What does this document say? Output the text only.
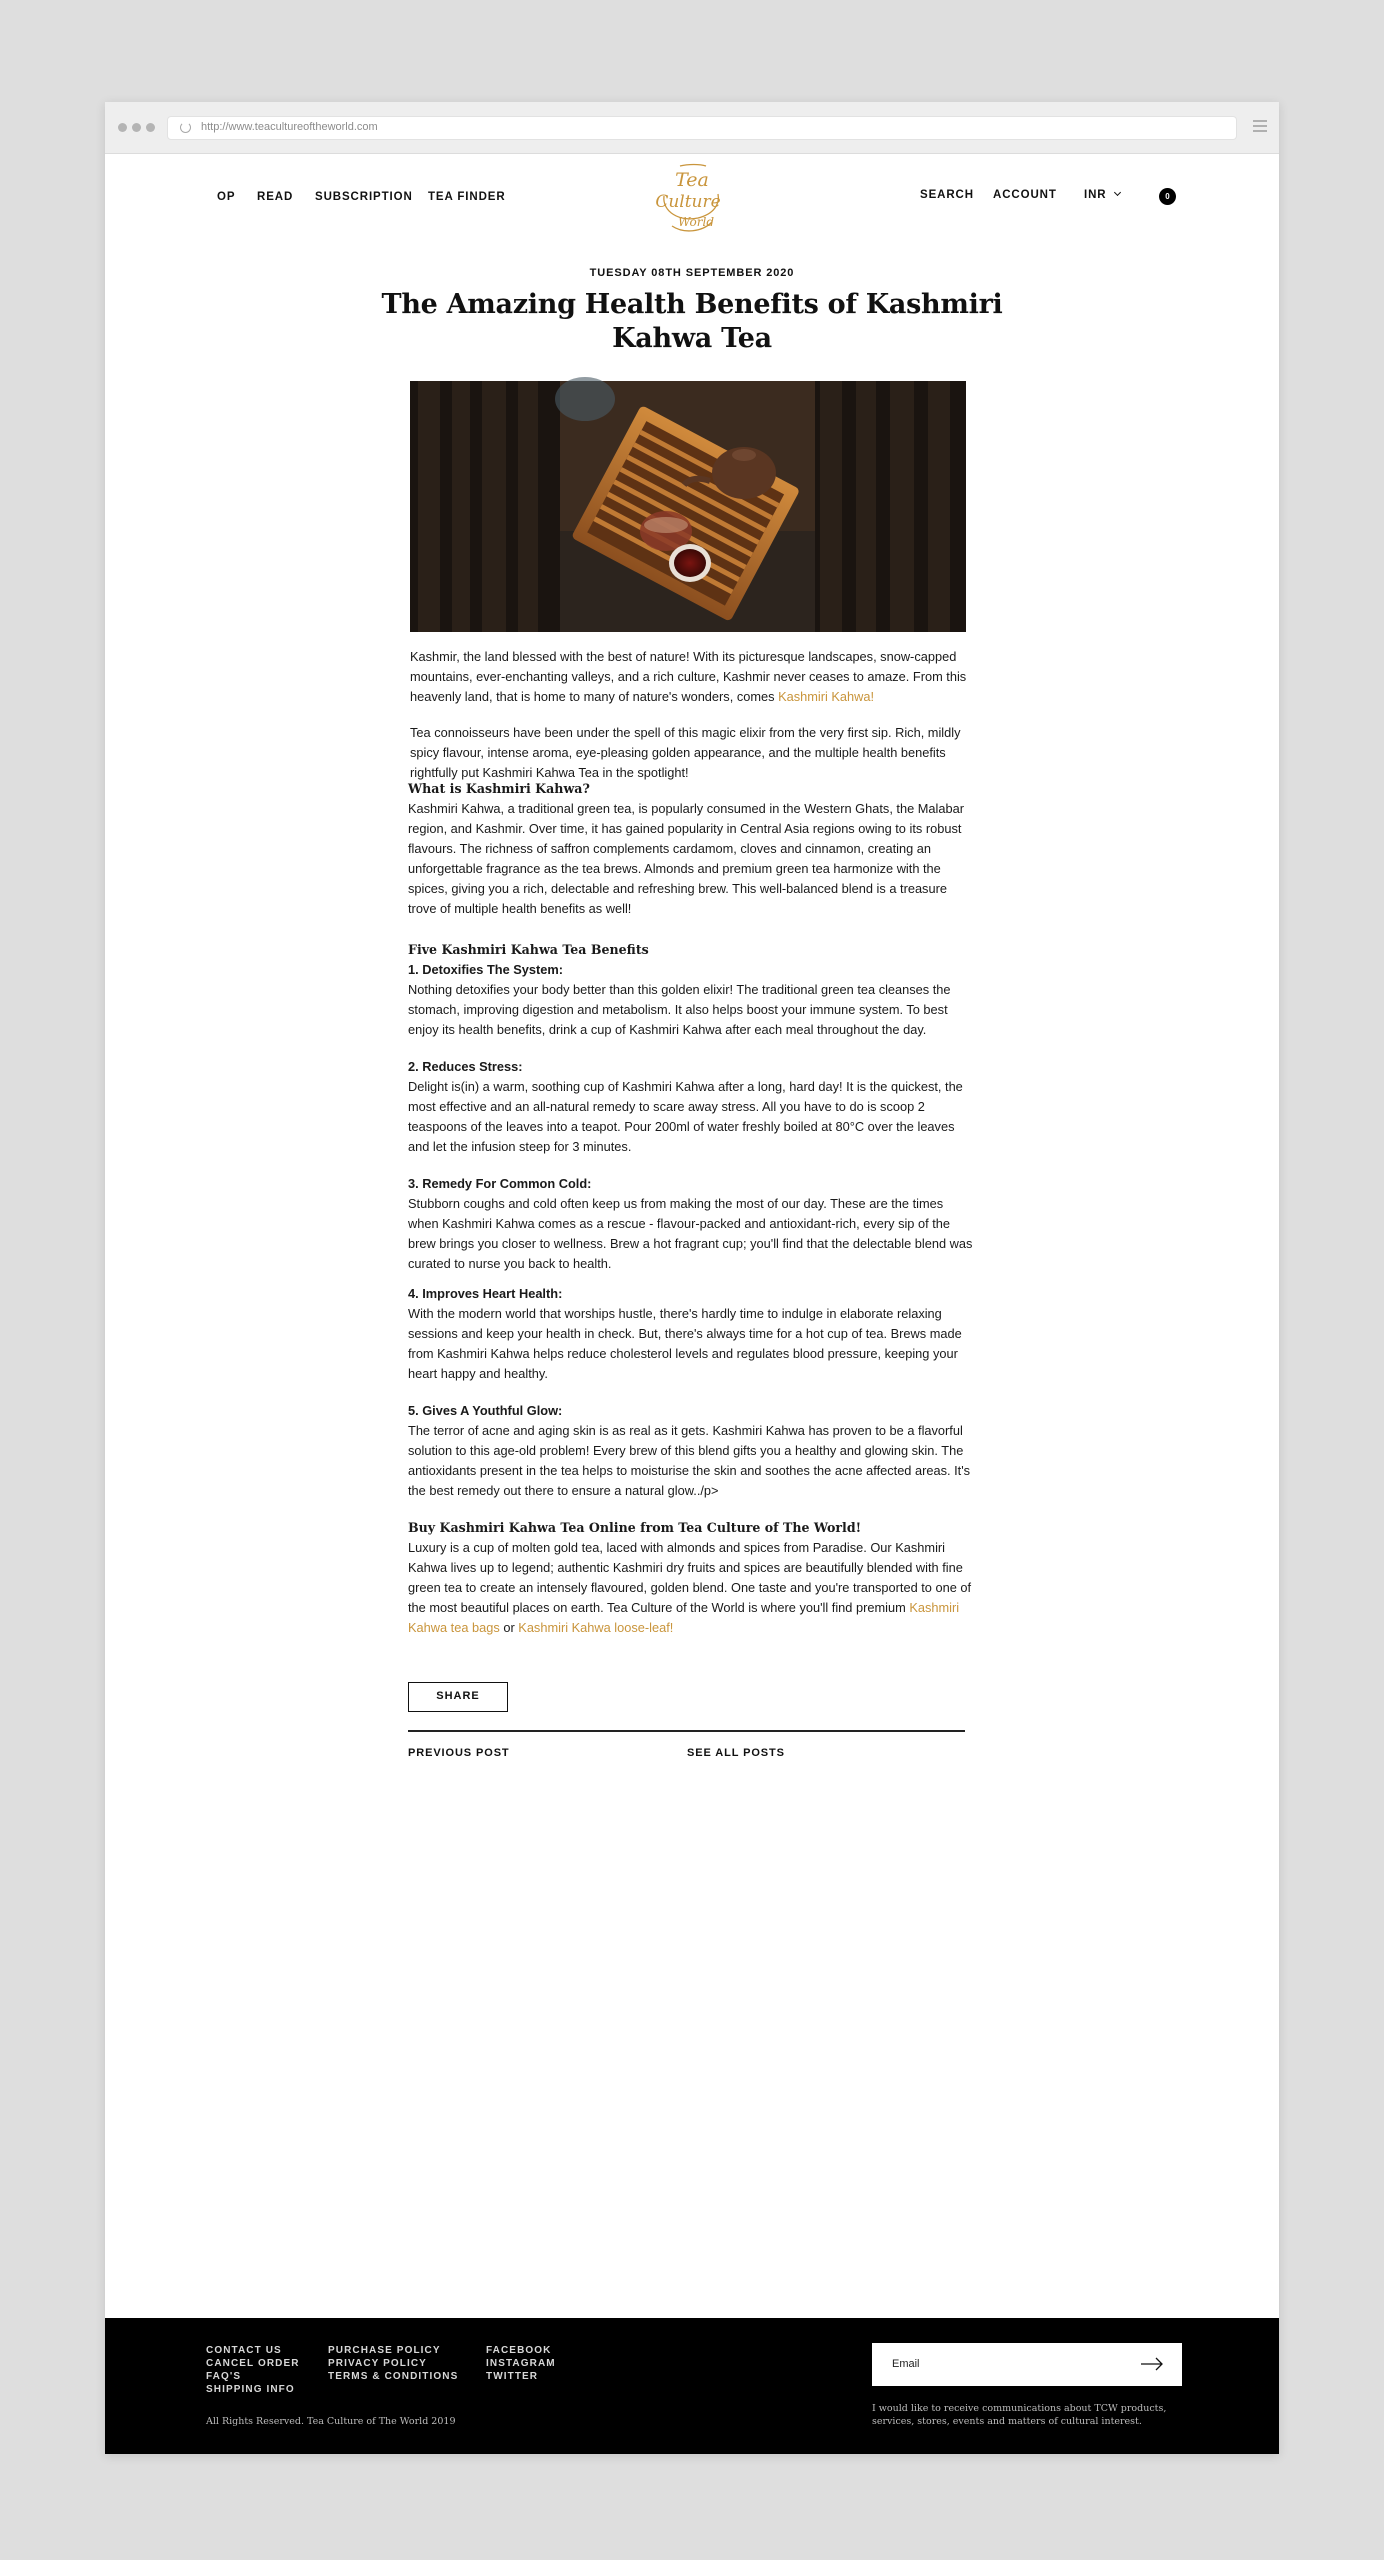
http://www.teacultureoftheworld.com
OP READ SUBSCRIPTION TEA FINDER
Tea
Culture
World
SEARCH ACCOUNT INR	0
TUESDAY 08TH SEPTEMBER 2020
The Amazing Health Benefits of Kashmiri Kahwa Tea

Kashmir, the land blessed with the best of nature! With its picturesque landscapes, snow-capped mountains, ever-enchanting valleys, and a rich culture, Kashmir never ceases to amaze. From this heavenly land, that is home to many of nature's wonders, comes Kashmiri Kahwa!

Tea connoisseurs have been under the spell of this magic elixir from the very first sip. Rich, mildly spicy flavour, intense aroma, eye-pleasing golden appearance, and the multiple health benefits rightfully put Kashmiri Kahwa Tea in the spotlight!

What is Kashmiri Kahwa?

Kashmiri Kahwa, a traditional green tea, is popularly consumed in the Western Ghats, the Malabar region, and Kashmir. Over time, it has gained popularity in Central Asia regions owing to its robust flavours. The richness of saffron complements cardamom, cloves and cinnamon, creating an unforgettable fragrance as the tea brews. Almonds and premium green tea harmonize with the spices, giving you a rich, delectable and refreshing brew. This well-balanced blend is a treasure trove of multiple health benefits as well!

Five Kashmiri Kahwa Tea Benefits

1. Detoxifies The System:

Nothing detoxifies your body better than this golden elixir! The traditional green tea cleanses the stomach, improving digestion and metabolism. It also helps boost your immune system. To best enjoy its health benefits, drink a cup of Kashmiri Kahwa after each meal throughout the day.

2. Reduces Stress:

Delight is(in) a warm, soothing cup of Kashmiri Kahwa after a long, hard day! It is the quickest, the most effective and an all-natural remedy to scare away stress. All you have to do is scoop 2 teaspoons of the leaves into a teapot. Pour 200ml of water freshly boiled at 80°C over the leaves and let the infusion steep for 3 minutes.

3. Remedy For Common Cold:

Stubborn coughs and cold often keep us from making the most of our day. These are the times when Kashmiri Kahwa comes as a rescue - flavour-packed and antioxidant-rich, every sip of the brew brings you closer to wellness. Brew a hot fragrant cup; you'll find that the delectable blend was curated to nurse you back to health.

4. Improves Heart Health:

With the modern world that worships hustle, there's hardly time to indulge in elaborate relaxing sessions and keep your health in check. But, there's always time for a hot cup of tea. Brews made from Kashmiri Kahwa helps reduce cholesterol levels and regulates blood pressure, keeping your heart happy and healthy.

5. Gives A Youthful Glow:

The terror of acne and aging skin is as real as it gets. Kashmiri Kahwa has proven to be a flavorful solution to this age-old problem! Every brew of this blend gifts you a healthy and glowing skin. The antioxidants present in the tea helps to moisturise the skin and soothes the acne affected areas. It's the best remedy out there to ensure a natural glow../p>

Buy Kashmiri Kahwa Tea Online from Tea Culture of The World!

Luxury is a cup of molten gold tea, laced with almonds and spices from Paradise. Our Kashmiri Kahwa lives up to legend; authentic Kashmiri dry fruits and spices are beautifully blended with fine green tea to create an intensely flavoured, golden blend. One taste and you're transported to one of the most beautiful places on earth. Tea Culture of the World is where you'll find premium Kashmiri Kahwa tea bags or Kashmiri Kahwa loose-leaf!

SHARE
PREVIOUS POST	SEE ALL POSTS
CONTACT US
CANCEL ORDER
FAQ'S
SHIPPING INFO
PURCHASE POLICY
PRIVACY POLICY
TERMS & CONDITIONS
FACEBOOK
INSTAGRAM
TWITTER
All Rights Reserved. Tea Culture of The World 2019
Email
I would like to receive communications about TCW products, services, stores, events and matters of cultural interest.
